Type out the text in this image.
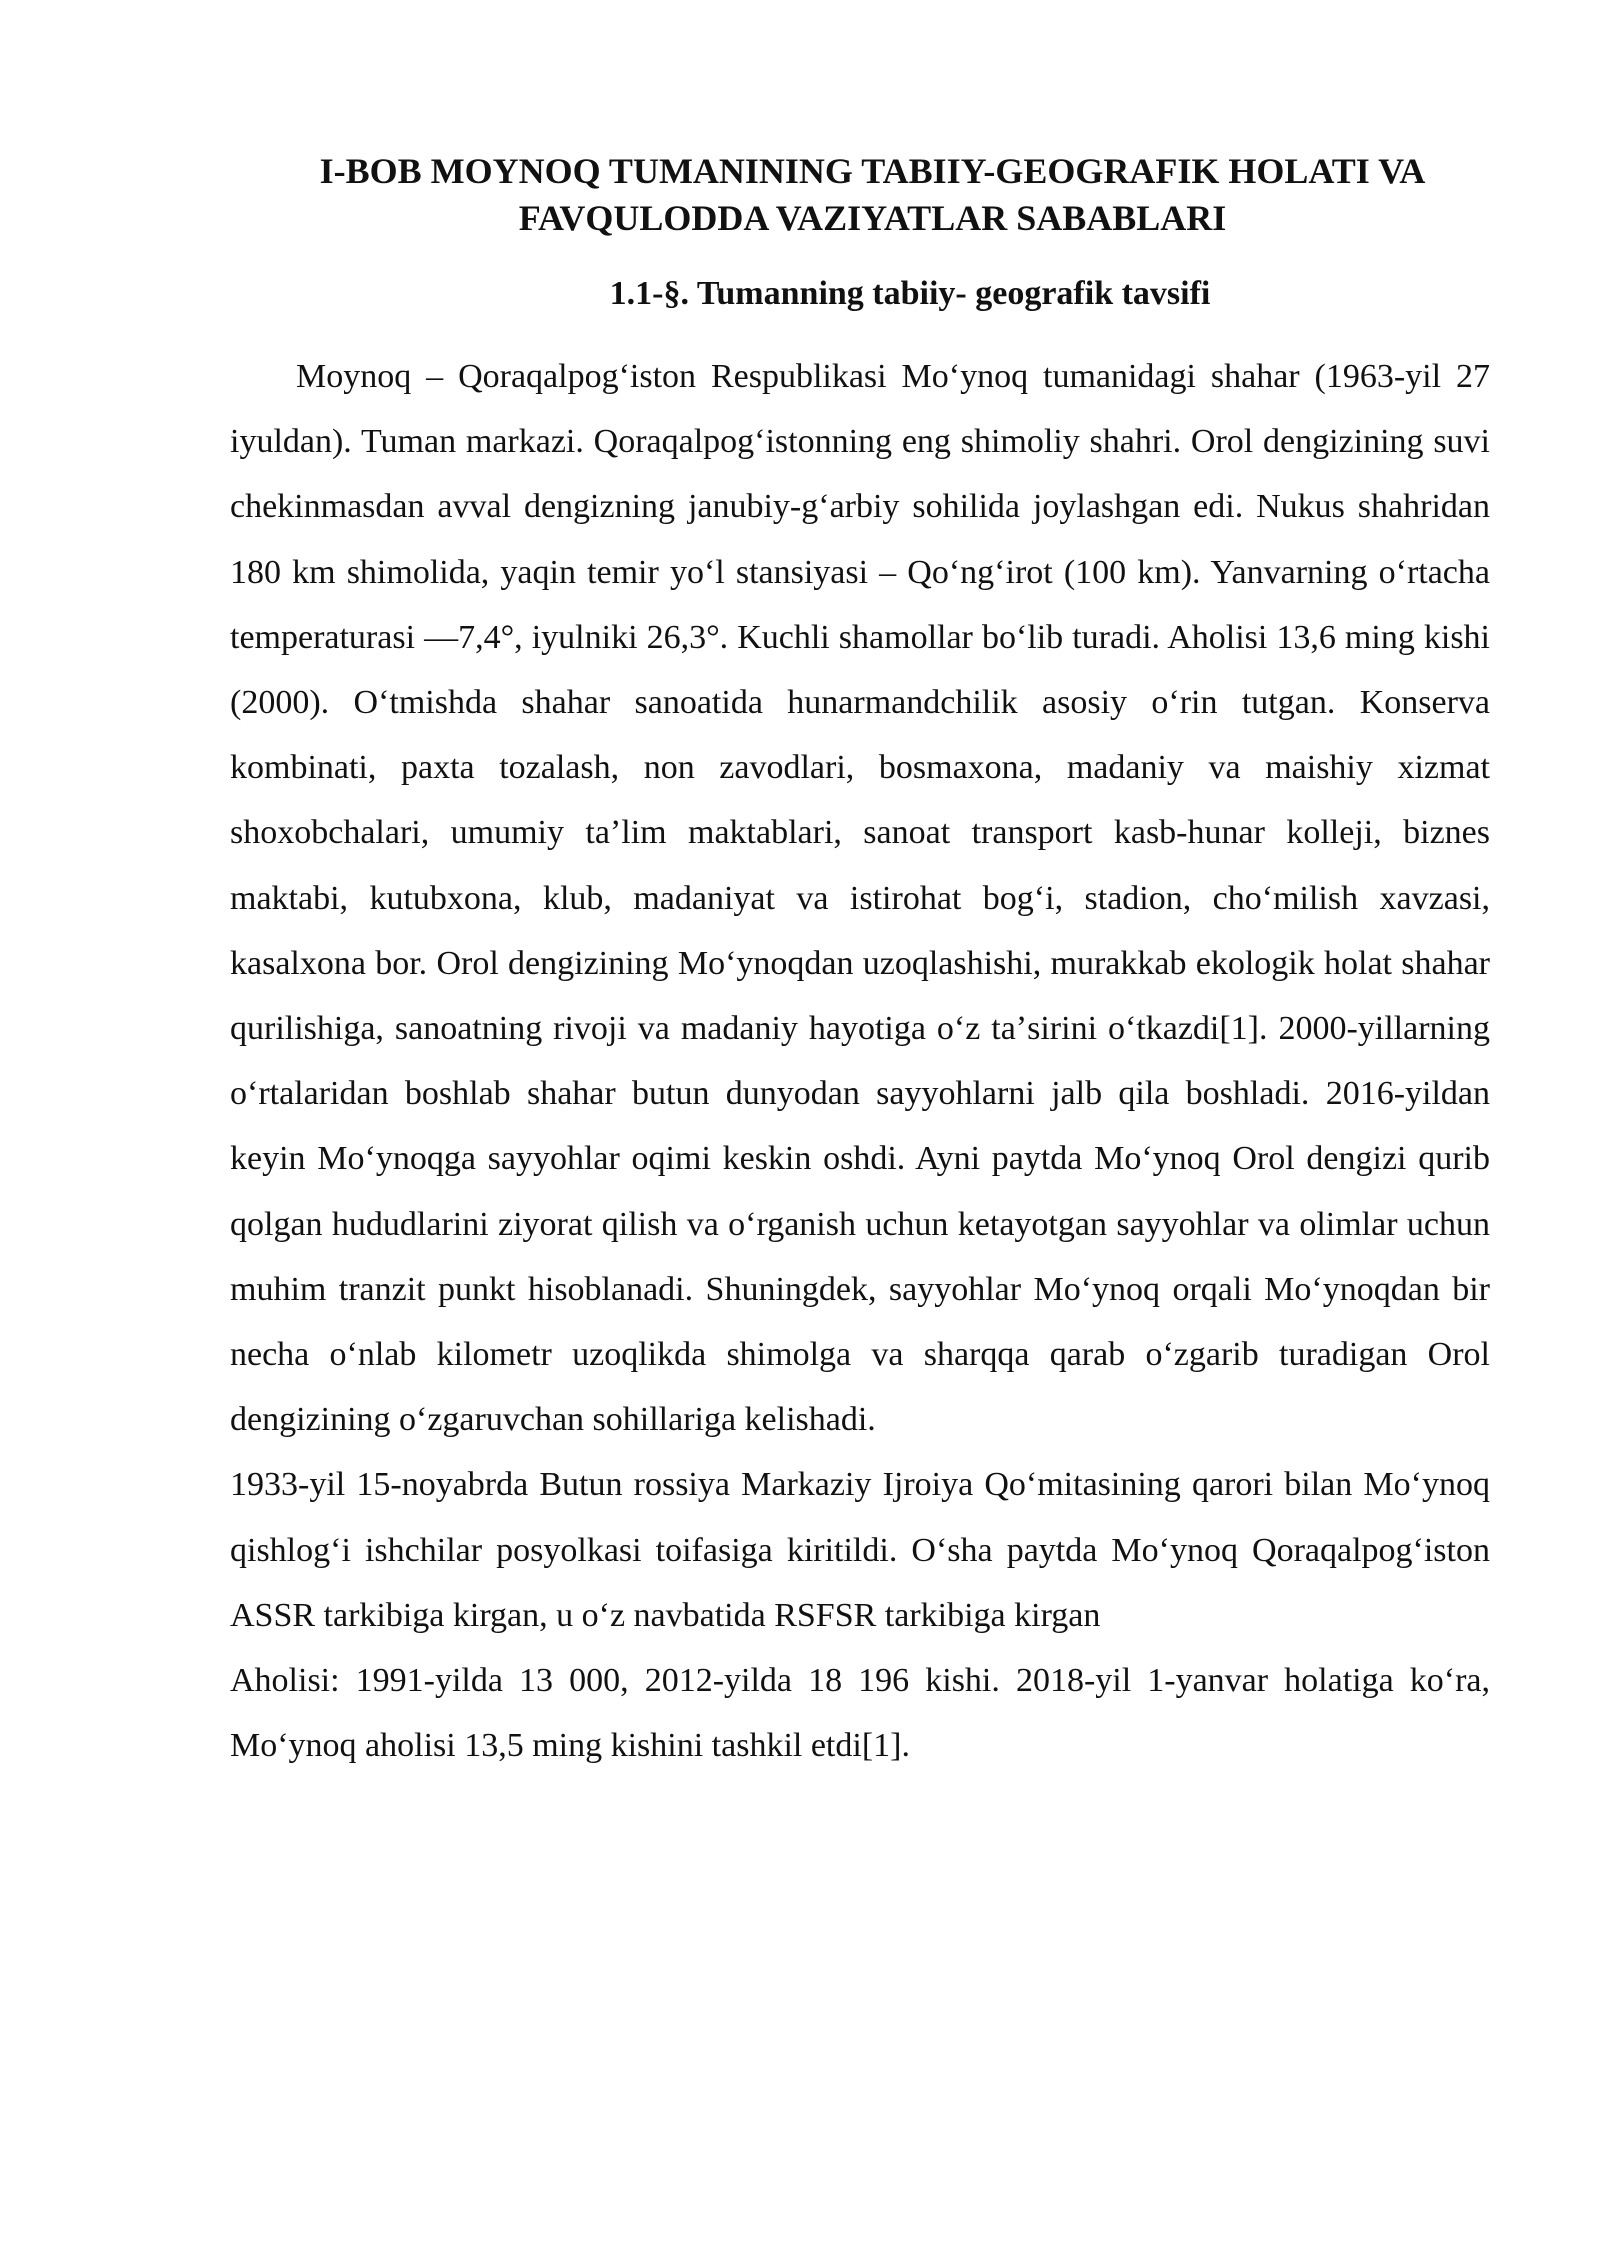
I-BOB MOYNOQ TUMANINING TABIIY-GEOGRAFIK HOLATI VA
FAVQULODDA VAZIYATLAR SABABLARI
1.1-§. Tumanning tabiiy- geografik tavsifi

Moynoq – Qoraqalpogʻiston Respublikasi Moʻynoq tumanidagi shahar (1963-yil 27 iyuldan). Tuman markazi. Qoraqalpogʻistonning eng shimoliy shahri. Orol dengizining suvi chekinmasdan avval dengizning janubiy-gʻarbiy sohilida joylashgan edi. Nukus shahridan 180 km shimolida, yaqin temir yoʻl stansiyasi – Qoʻngʻirot (100 km). Yanvarning oʻrtacha temperaturasi —7,4°, iyulniki 26,3°. Kuchli shamollar boʻlib turadi. Aholisi 13,6 ming kishi (2000). Oʻtmishda shahar sanoatida hunarmandchilik asosiy oʻrin tutgan. Konserva kombinati, paxta tozalash, non zavodlari, bosmaxona, madaniy va maishiy xizmat shoxobchalari, umumiy taʼlim maktablari, sanoat transport kasb-hunar kolleji, biznes maktabi, kutubxona, klub, madaniyat va istirohat bogʻi, stadion, choʻmilish xavzasi, kasalxona bor. Orol dengizining Moʻynoqdan uzoqlashishi, murakkab ekologik holat shahar qurilishiga, sanoatning rivoji va madaniy hayotiga oʻz taʼsirini oʻtkazdi[1]. 2000-yillarning oʻrtalaridan boshlab shahar butun dunyodan sayyohlarni jalb qila boshladi. 2016-yildan keyin Moʻynoqga sayyohlar oqimi keskin oshdi. Ayni paytda Moʻynoq Orol dengizi qurib qolgan hududlarini ziyorat qilish va oʻrganish uchun ketayotgan sayyohlar va olimlar uchun muhim tranzit punkt hisoblanadi. Shuningdek, sayyohlar Moʻynoq orqali Moʻynoqdan bir necha oʻnlab kilometr uzoqlikda shimolga va sharqqa qarab oʻzgarib turadigan Orol dengizining oʻzgaruvchan sohillariga kelishadi.

1933-yil 15-noyabrda Butun rossiya Markaziy Ijroiya Qoʻmitasining qarori bilan Moʻynoq qishlogʻi ishchilar posyolkasi toifasiga kiritildi. Oʻsha paytda Moʻynoq Qoraqalpogʻiston ASSR tarkibiga kirgan, u oʻz navbatida RSFSR tarkibiga kirgan

Aholisi: 1991-yilda 13 000, 2012-yilda 18 196 kishi. 2018-yil 1-yanvar holatiga koʻra, Moʻynoq aholisi 13,5 ming kishini tashkil etdi[1].
